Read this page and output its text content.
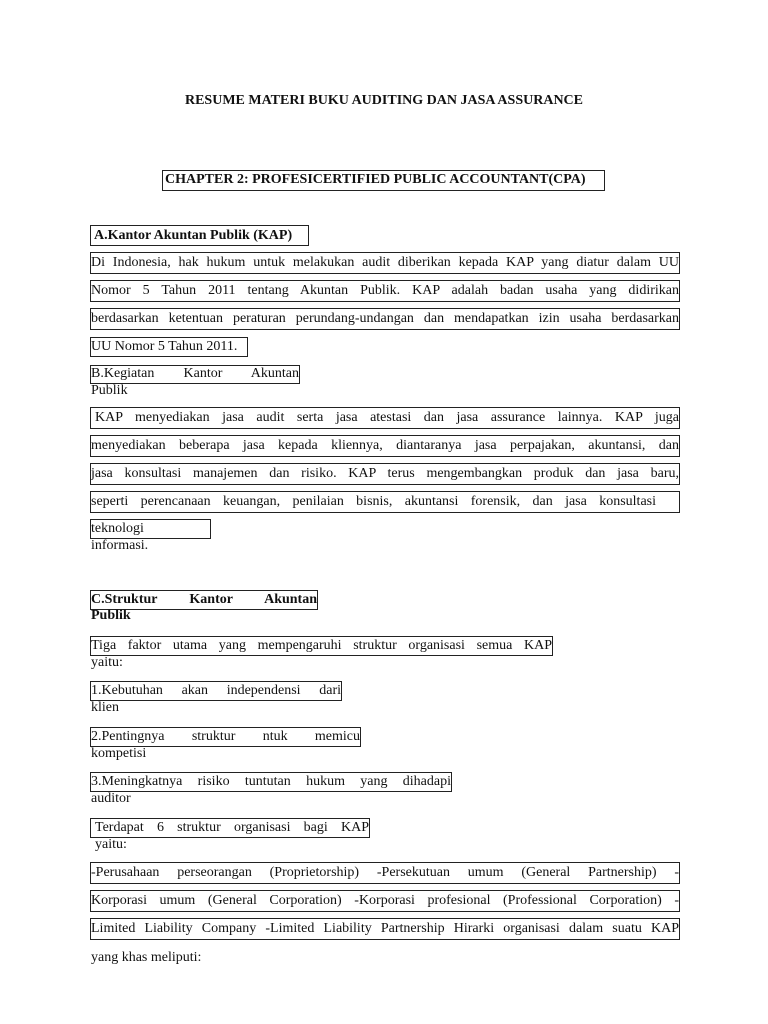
RESUME MATERI BUKU AUDITING DAN JASA ASSURANCE
CHAPTER 2: PROFESICERTIFIED PUBLIC ACCOUNTANT(CPA)
A.Kantor Akuntan Publik (KAP)
Di Indonesia, hak hukum untuk melakukan audit diberikan kepada KAP yang diatur dalam UU
Nomor 5 Tahun 2011 tentang Akuntan Publik. KAP adalah badan usaha yang didirikan
berdasarkan ketentuan peraturan perundang-undangan dan mendapatkan izin usaha berdasarkan
UU Nomor 5 Tahun 2011.
B.Kegiatan Kantor Akuntan
Publik
KAP menyediakan jasa audit serta jasa atestasi dan jasa assurance lainnya. KAP juga
menyediakan beberapa jasa kepada kliennya, diantaranya jasa perpajakan, akuntansi, dan
jasa konsultasi manajemen dan risiko. KAP terus mengembangkan produk dan jasa baru,
seperti perencanaan keuangan, penilaian bisnis, akuntansi forensik, dan jasa konsultasi
teknologi
informasi.
C.Struktur Kantor Akuntan
Publik
Tiga faktor utama yang mempengaruhi struktur organisasi semua KAP
yaitu:
1.Kebutuhan akan independensi dari
klien
2.Pentingnya struktur ntuk memicu
kompetisi
3.Meningkatnya risiko tuntutan hukum yang dihadapi
auditor
Terdapat 6 struktur organisasi bagi KAP
yaitu:
-Perusahaan perseorangan (Proprietorship) -Persekutuan umum (General Partnership) -
Korporasi umum (General Corporation) -Korporasi profesional (Professional Corporation) -
Limited Liability Company -Limited Liability Partnership Hirarki organisasi dalam suatu KAP
yang khas meliputi:
